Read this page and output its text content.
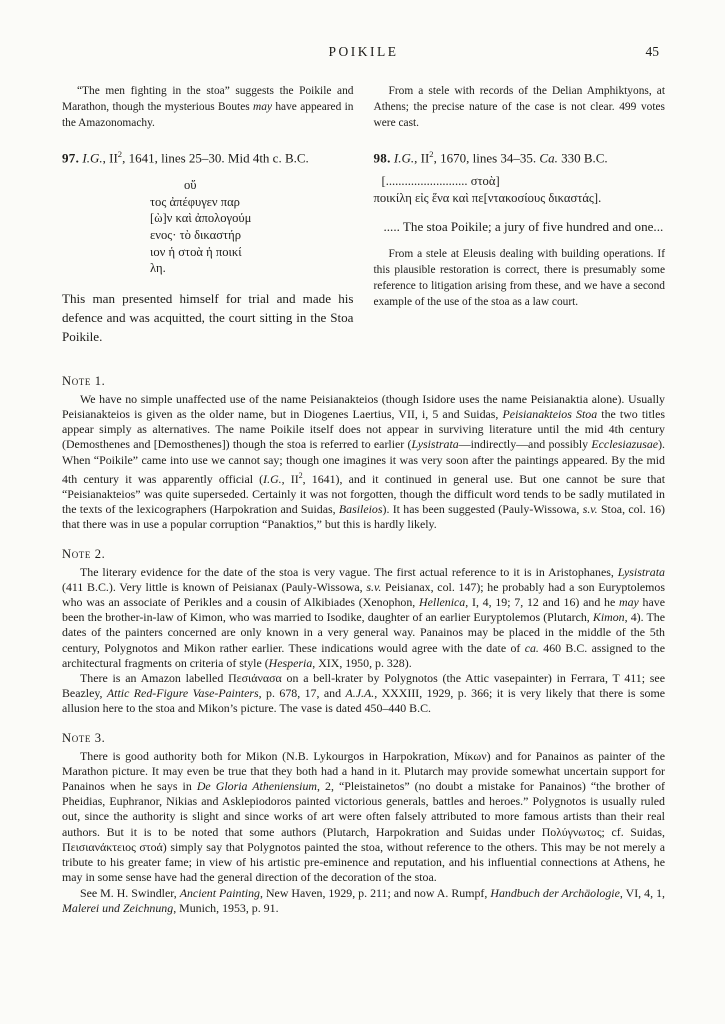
POIKILE	45

“The men fighting in the stoa” suggests the Poikile and Marathon, though the mysterious Boutes may have appeared in the Amazonomachy.

97. I.G., $II^2$, 1641, lines 25–30. Mid 4th c. B.C.

οὕ
τος ἀπέφυγεν παρ
[ὼ]ν καὶ ἀπολογούμ
ενος· τὸ δικαστήρ
ιον ἡ στοὰ ἡ ποικί
λη.

This man presented himself for trial and made his defence and was acquitted, the court sitting in the Stoa Poikile.

From a stele with records of the Delian Amphiktyons, at Athens; the precise nature of the case is not clear. 499 votes were cast.

98. I.G., $II^2$, 1670, lines 34–35. Ca. 330 B.C.

[.......................... στοὰ]
ποικίλη εἰς ἕνα καὶ πε[ντακοσίους δικαστάς].

..... The stoa Poikile; a jury of five hundred and one...

From a stele at Eleusis dealing with building operations. If this plausible restoration is correct, there is presumably some reference to litigation arising from these, and we have a second example of the use of the stoa as a law court.

Note 1.

We have no simple unaffected use of the name Peisianakteios (though Isidore uses the name Peisianaktia alone). Usually Peisianakteios is given as the older name, but in Diogenes Laertius, VII, i, 5 and Suidas, Peisianakteios Stoa the two titles appear simply as alternatives. The name Poikile itself does not appear in surviving literature until the mid 4th century (Demosthenes and [Demosthenes]) though the stoa is referred to earlier (Lysistrata—indirectly—and possibly Ecclesiazusae). When “Poikile” came into use we cannot say; though one imagines it was very soon after the paintings appeared. By the mid 4th century it was apparently official (I.G., $II^2$, 1641), and it continued in general use. But one cannot be sure that “Peisianakteios” was quite superseded. Certainly it was not forgotten, though the difficult word tends to be sadly mutilated in the texts of the lexicographers (Harpokration and Suidas, Basileios). It has been suggested (Pauly-Wissowa, s.v. Stoa, col. 16) that there was in use a popular corruption “Panaktios,” but this is hardly likely.

Note 2.

The literary evidence for the date of the stoa is very vague. The first actual reference to it is in Aristophanes, Lysistrata (411 B.C.). Very little is known of Peisianax (Pauly-Wissowa, s.v. Peisianax, col. 147); he probably had a son Euryptolemos who was an associate of Perikles and a cousin of Alkibiades (Xenophon, Hellenica, I, 4, 19; 7, 12 and 16) and he may have been the brother-in-law of Kimon, who was married to Isodike, daughter of an earlier Euryptolemos (Plutarch, Kimon, 4). The dates of the painters concerned are only known in a very general way. Panainos may be placed in the middle of the 5th century, Polygnotos and Mikon rather earlier. These indications would agree with the date of ca. 460 B.C. assigned to the architectural fragments on criteria of style (Hesperia, XIX, 1950, p. 328).

There is an Amazon labelled Πεσιάνασα on a bell-krater by Polygnotos (the Attic vasepainter) in Ferrara, T 411; see Beazley, Attic Red-Figure Vase-Painters, p. 678, 17, and A.J.A., XXXIII, 1929, p. 366; it is very likely that there is some allusion here to the stoa and Mikon’s picture. The vase is dated 450–440 B.C.

Note 3.

There is good authority both for Mikon (N.B. Lykourgos in Harpokration, Μίκων) and for Panainos as painter of the Marathon picture. It may even be true that they both had a hand in it. Plutarch may provide somewhat uncertain support for Panainos when he says in De Gloria Atheniensium, 2, “Pleistainetos” (no doubt a mistake for Panainos) “the brother of Pheidias, Euphranor, Nikias and Asklepiodoros painted victorious generals, battles and heroes.” Polygnotos is usually ruled out, since the authority is slight and since works of art were often falsely attributed to more famous artists than their real authors. But it is to be noted that some authors (Plutarch, Harpokration and Suidas under Πολύγνωτος; cf. Suidas, Πεισιανάκτειος στοά) simply say that Polygnotos painted the stoa, without reference to the others. This may be not merely a tribute to his greater fame; in view of his artistic pre-eminence and reputation, and his influential connections at Athens, he may in some sense have had the general direction of the decoration of the stoa.

See M. H. Swindler, Ancient Painting, New Haven, 1929, p. 211; and now A. Rumpf, Handbuch der Archäologie, VI, 4, 1, Malerei und Zeichnung, Munich, 1953, p. 91.
